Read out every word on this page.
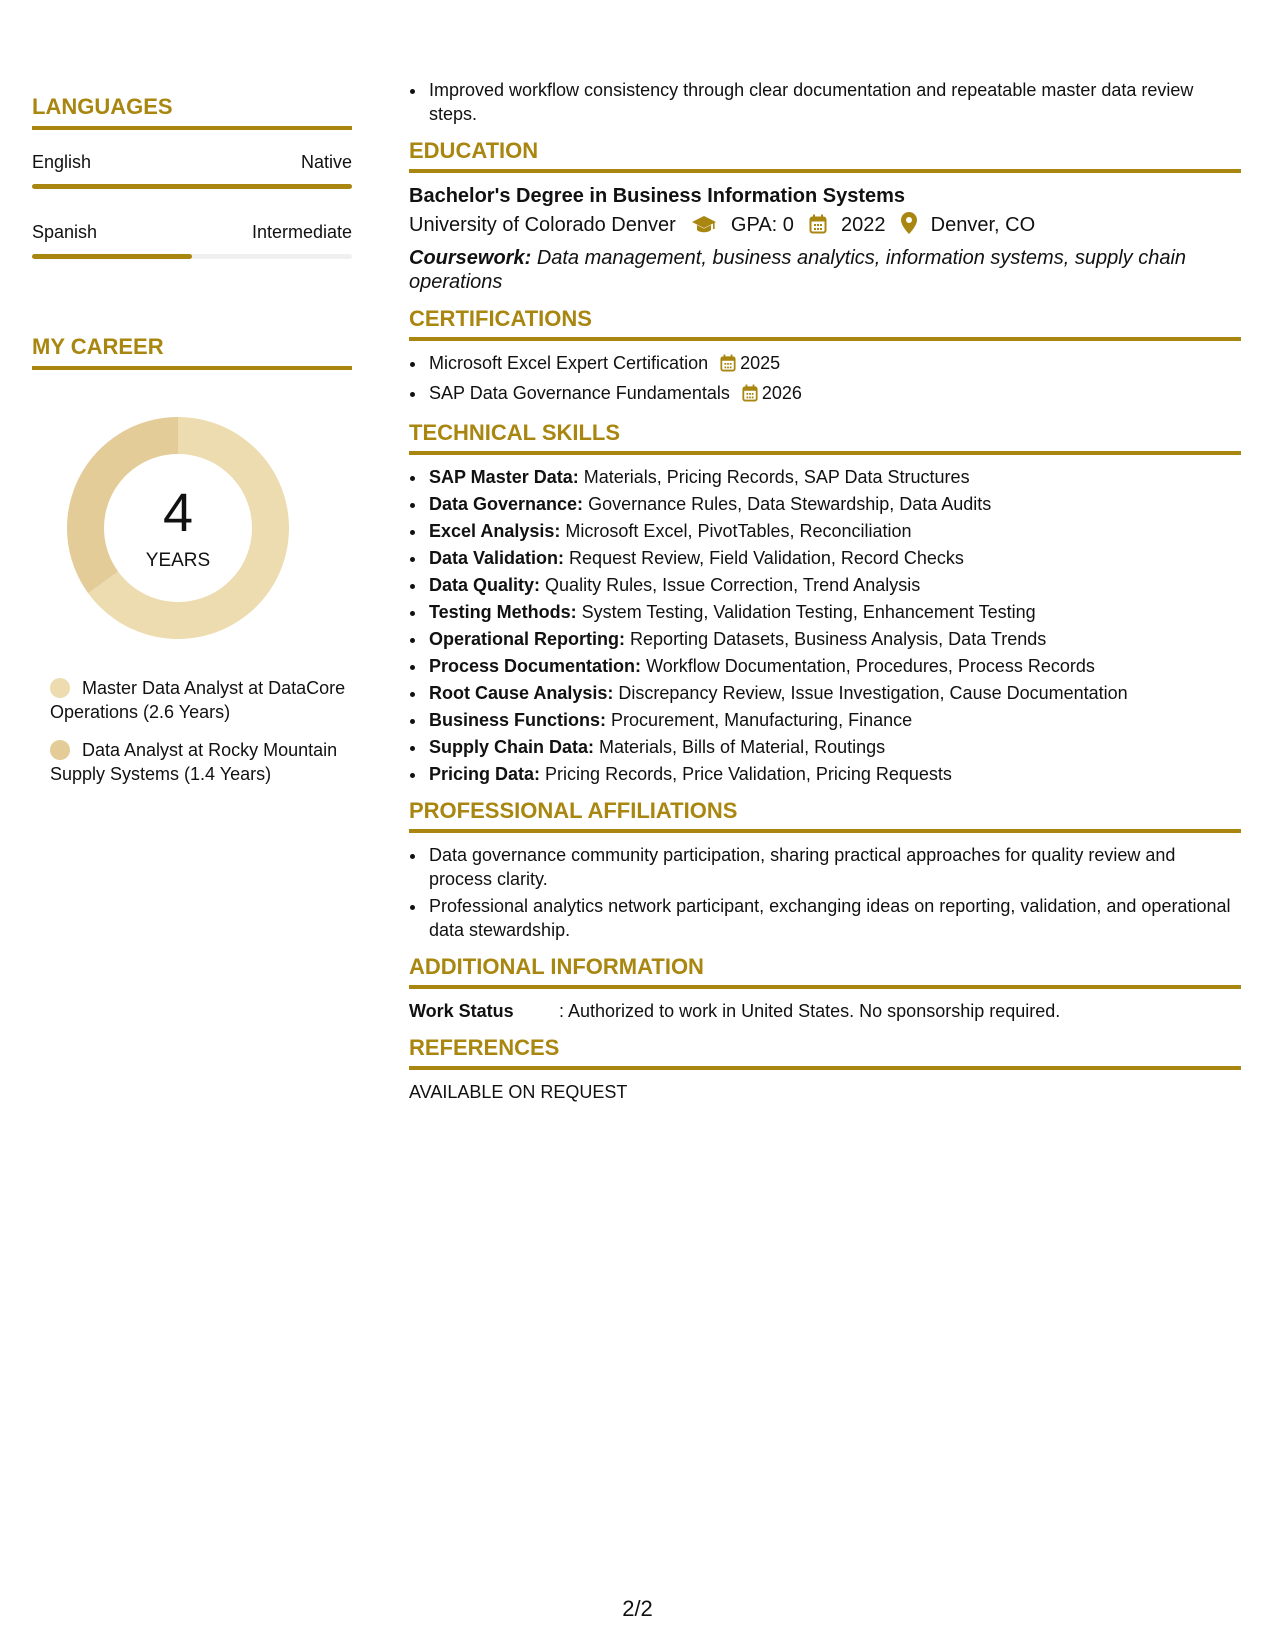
LANGUAGES
English	Native
Spanish	Intermediate
MY CAREER
4
YEARS
Master Data Analyst at DataCore Operations (2.6 Years)
Data Analyst at Rocky Mountain Supply Systems (1.4 Years)
• Improved workflow consistency through clear documentation and repeatable master data review steps.
EDUCATION
Bachelor's Degree in Business Information Systems
University of Colorado Denver	GPA: 0 2022 Denver, CO
Coursework: Data management, business analytics, information systems, supply chain operations
CERTIFICATIONS
• Microsoft Excel Expert Certification 2025
• SAP Data Governance Fundamentals 2026
TECHNICAL SKILLS
• SAP Master Data: Materials, Pricing Records, SAP Data Structures
• Data Governance: Governance Rules, Data Stewardship, Data Audits
• Excel Analysis: Microsoft Excel, PivotTables, Reconciliation
• Data Validation: Request Review, Field Validation, Record Checks
• Data Quality: Quality Rules, Issue Correction, Trend Analysis
• Testing Methods: System Testing, Validation Testing, Enhancement Testing
• Operational Reporting: Reporting Datasets, Business Analysis, Data Trends
• Process Documentation: Workflow Documentation, Procedures, Process Records
• Root Cause Analysis: Discrepancy Review, Issue Investigation, Cause Documentation
• Business Functions: Procurement, Manufacturing, Finance
• Supply Chain Data: Materials, Bills of Material, Routings
• Pricing Data: Pricing Records, Price Validation, Pricing Requests
PROFESSIONAL AFFILIATIONS
• Data governance community participation, sharing practical approaches for quality review and process clarity.
• Professional analytics network participant, exchanging ideas on reporting, validation, and operational data stewardship.
ADDITIONAL INFORMATION
Work Status	: Authorized to work in United States. No sponsorship required.
REFERENCES
AVAILABLE ON REQUEST
2/2
